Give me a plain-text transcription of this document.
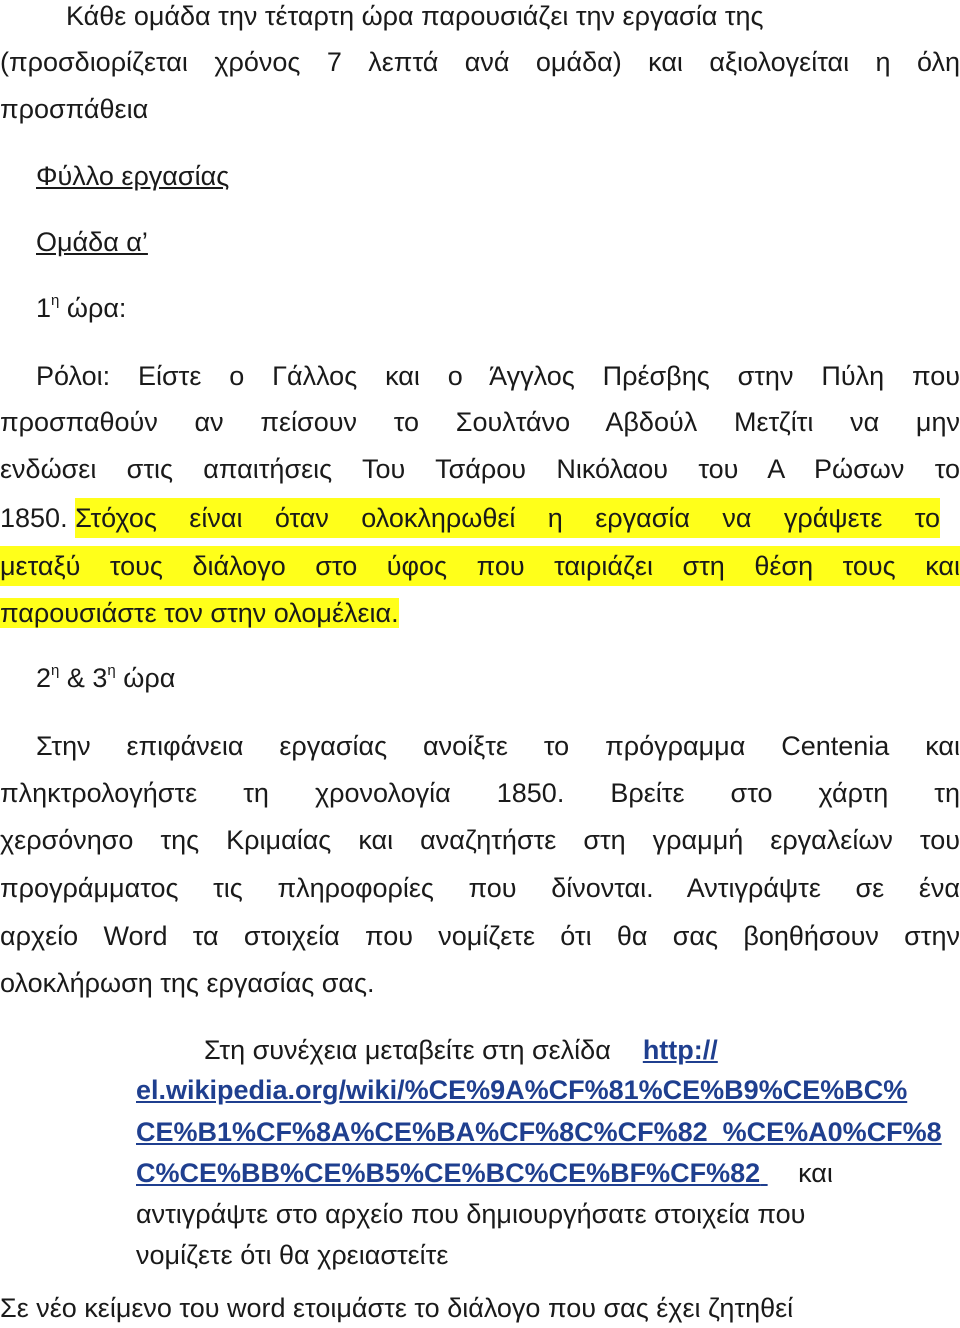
Κάθε ομάδα την τέταρτη ώρα παρουσιάζει την εργασία της
(προσδιορίζεται χρόνος 7 λεπτά ανά ομάδα) και αξιολογείται η όλη
προσπάθεια
Φύλλο εργασίας
Ομάδα α’
$1^\eta$ ώρα:
Ρόλοι: Είστε ο Γάλλος και ο Άγγλος Πρέσβης στην Πύλη που
προσπαθούν αν πείσουν το Σουλτάνο Αβδούλ Μετζίτι να μην
ενδώσει στις απαιτήσεις Του Τσάρου Νικόλαου του Α Ρώσων το
1850. Στόχος είναι όταν ολοκληρωθεί η εργασία να γράψετε το
μεταξύ τους διάλογο στο ύφος που ταιριάζει στη θέση τους και
παρουσιάστε τον στην ολομέλεια.
$2^\eta$ & $3^\eta$ ώρα
Στην επιφάνεια εργασίας ανοίξτε το πρόγραμμα Centenia και
πληκτρολογήστε τη χρονολογία 1850. Βρείτε στο χάρτη τη
χερσόνησο της Κριμαίας και αναζητήστε στη γραμμή εργαλείων του
προγράμματος τις πληροφορίες που δίνονται. Αντιγράψτε σε ένα
αρχείο Word τα στοιχεία που νομίζετε ότι θα σας βοηθήσουν στην
ολοκλήρωση της εργασίας σας.
Στη συνέχεια μεταβείτε στη σελίδα http://
el.wikipedia.org/wiki/%CE%9A%CF%81%CE%B9%CE%BC%
CE%B1%CF%8A%CE%BA%CF%8C%CF%82_%CE%A0%CF%8
C%CE%BB%CE%B5%CE%BC%CE%BF%CF%82 και
αντιγράψτε στο αρχείο που δημιουργήσατε στοιχεία που
νομίζετε ότι θα χρειαστείτε
Σε νέο κείμενο του word ετοιμάστε το διάλογο που σας έχει ζητηθεί
